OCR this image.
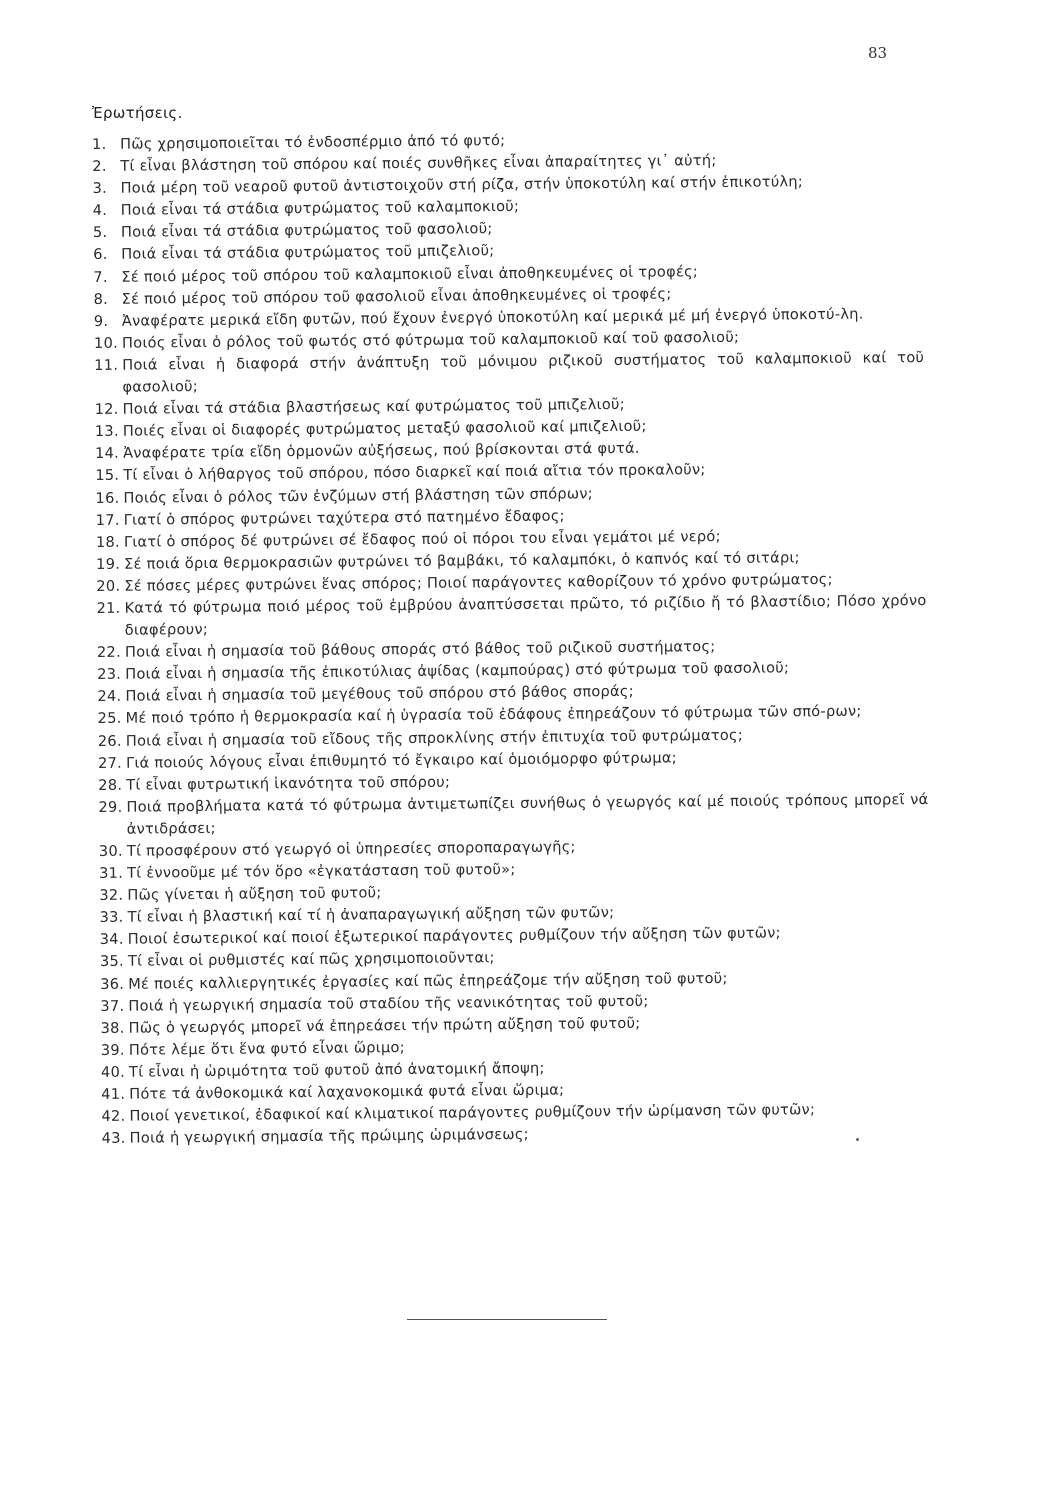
83
Ἐρωτήσεις.
1. Πῶς χρησιμοποιεῖται τό ἐνδοσπέρμιο ἀπό τό φυτό;
2. Τί εἶναι βλάστηση τοῦ σπόρου καί ποιές συνθῆκες εἶναι ἀπαραίτητες γι᾽ αὐτή;
3. Ποιά μέρη τοῦ νεαροῦ φυτοῦ ἀντιστοιχοῦν στή ρίζα, στήν ὑποκοτύλη καί στήν ἐπικοτύλη;
4. Ποιά εἶναι τά στάδια φυτρώματος τοῦ καλαμποκιοῦ;
5. Ποιά εἶναι τά στάδια φυτρώματος τοῦ φασολιοῦ;
6. Ποιά εἶναι τά στάδια φυτρώματος τοῦ μπιζελιοῦ;
7. Σέ ποιό μέρος τοῦ σπόρου τοῦ καλαμποκιοῦ εἶναι ἀποθηκευμένες οἱ τροφές;
8. Σέ ποιό μέρος τοῦ σπόρου τοῦ φασολιοῦ εἶναι ἀποθηκευμένες οἱ τροφές;
9. Ἀναφέρατε μερικά εἴδη φυτῶν, πού ἔχουν ἐνεργό ὑποκοτύλη καί μερικά μέ μή ἐνεργό ὑποκοτύ-λη.
10. Ποιός εἶναι ὁ ρόλος τοῦ φωτός στό φύτρωμα τοῦ καλαμποκιοῦ καί τοῦ φασολιοῦ;
11. Ποιά εἶναι ἡ διαφορά στήν ἀνάπτυξη τοῦ μόνιμου ριζικοῦ συστήματος τοῦ καλαμποκιοῦ καί τοῦ φασολιοῦ;
12. Ποιά εἶναι τά στάδια βλαστήσεως καί φυτρώματος τοῦ μπιζελιοῦ;
13. Ποιές εἶναι οἱ διαφορές φυτρώματος μεταξύ φασολιοῦ καί μπιζελιοῦ;
14. Ἀναφέρατε τρία εἴδη ὁρμονῶν αὐξήσεως, πού βρίσκονται στά φυτά.
15. Τί εἶναι ὁ λήθαργος τοῦ σπόρου, πόσο διαρκεῖ καί ποιά αἴτια τόν προκαλοῦν;
16. Ποιός εἶναι ὁ ρόλος τῶν ἐνζύμων στή βλάστηση τῶν σπόρων;
17. Γιατί ὁ σπόρος φυτρώνει ταχύτερα στό πατημένο ἔδαφος;
18. Γιατί ὁ σπόρος δέ φυτρώνει σέ ἔδαφος πού οἱ πόροι του εἶναι γεμάτοι μέ νερό;
19. Σέ ποιά ὅρια θερμοκρασιῶν φυτρώνει τό βαμβάκι, τό καλαμπόκι, ὁ καπνός καί τό σιτάρι;
20. Σέ πόσες μέρες φυτρώνει ἕνας σπόρος; Ποιοί παράγοντες καθορίζουν τό χρόνο φυτρώματος;
21. Κατά τό φύτρωμα ποιό μέρος τοῦ ἐμβρύου ἀναπτύσσεται πρῶτο, τό ριζίδιο ἤ τό βλαστίδιο; Πόσο χρόνο διαφέρουν;
22. Ποιά εἶναι ἡ σημασία τοῦ βάθους σποράς στό βάθος τοῦ ριζικοῦ συστήματος;
23. Ποιά εἶναι ἡ σημασία τῆς ἐπικοτύλιας ἀψίδας (καμπούρας) στό φύτρωμα τοῦ φασολιοῦ;
24. Ποιά εἶναι ἡ σημασία τοῦ μεγέθους τοῦ σπόρου στό βάθος σποράς;
25. Μέ ποιό τρόπο ἡ θερμοκρασία καί ἡ ὑγρασία τοῦ ἐδάφους ἐπηρεάζουν τό φύτρωμα τῶν σπό-ρων;
26. Ποιά εἶναι ἡ σημασία τοῦ εἴδους τῆς σπροκλίνης στήν ἐπιτυχία τοῦ φυτρώματος;
27. Γιά ποιούς λόγους εἶναι ἐπιθυμητό τό ἔγκαιρο καί ὁμοιόμορφο φύτρωμα;
28. Τί εἶναι φυτρωτική ἱκανότητα τοῦ σπόρου;
29. Ποιά προβλήματα κατά τό φύτρωμα ἀντιμετωπίζει συνήθως ὁ γεωργός καί μέ ποιούς τρόπους μπορεῖ νά ἀντιδράσει;
30. Τί προσφέρουν στό γεωργό οἱ ὑπηρεσίες σποροπαραγωγῆς;
31. Τί ἐννοοῦμε μέ τόν ὅρο «ἐγκατάσταση τοῦ φυτοῦ»;
32. Πῶς γίνεται ἡ αὔξηση τοῦ φυτοῦ;
33. Τί εἶναι ἡ βλαστική καί τί ἡ ἀναπαραγωγική αὔξηση τῶν φυτῶν;
34. Ποιοί ἐσωτερικοί καί ποιοί ἐξωτερικοί παράγοντες ρυθμίζουν τήν αὔξηση τῶν φυτῶν;
35. Τί εἶναι οἱ ρυθμιστές καί πῶς χρησιμοποιοῦνται;
36. Μέ ποιές καλλιεργητικές ἐργασίες καί πῶς ἐπηρεάζομε τήν αὔξηση τοῦ φυτοῦ;
37. Ποιά ἡ γεωργική σημασία τοῦ σταδίου τῆς νεανικότητας τοῦ φυτοῦ;
38. Πῶς ὁ γεωργός μπορεῖ νά ἐπηρεάσει τήν πρώτη αὔξηση τοῦ φυτοῦ;
39. Πότε λέμε ὅτι ἕνα φυτό εἶναι ὥριμο;
40. Τί εἶναι ἡ ὡριμότητα τοῦ φυτοῦ ἀπό ἀνατομική ἄποψη;
41. Πότε τά ἀνθοκομικά καί λαχανοκομικά φυτά εἶναι ὥριμα;
42. Ποιοί γενετικοί, ἐδαφικοί καί κλιματικοί παράγοντες ρυθμίζουν τήν ὡρίμανση τῶν φυτῶν;
43. Ποιά ἡ γεωργική σημασία τῆς πρώιμης ὡριμάνσεως;
